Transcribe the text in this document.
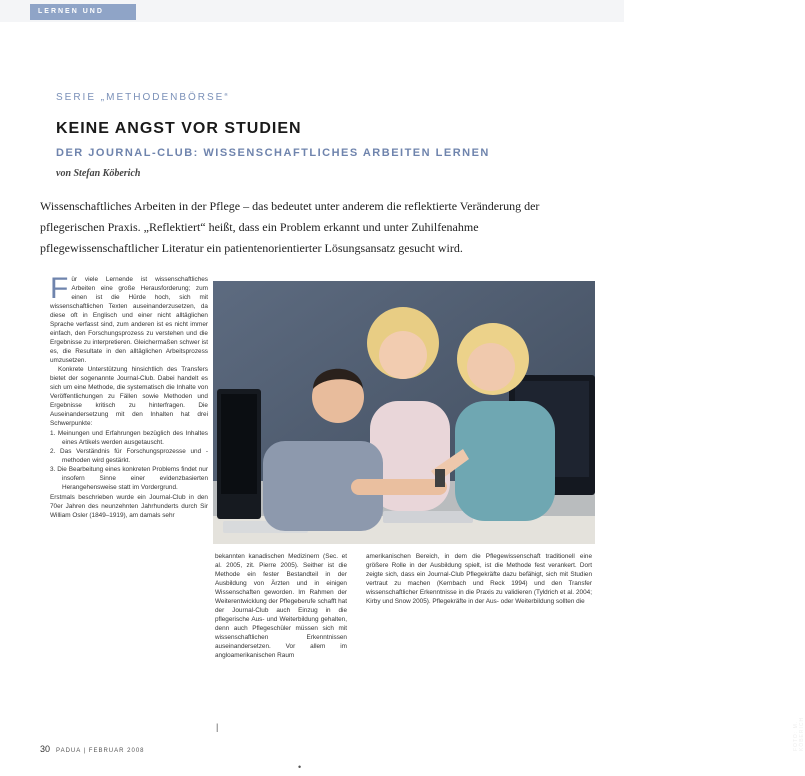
LERNEN UND LEHREN
SERIE „METHODENBÖRSE“
KEINE ANGST VOR STUDIEN
DER JOURNAL-CLUB: WISSENSCHAFTLICHES ARBEITEN LERNEN
von Stefan Köberich
Wissenschaftliches Arbeiten in der Pflege – das bedeutet unter anderem die reflektierte Veränderung der pflegerischen Praxis. „Reflektiert“ heißt, dass ein Problem erkannt und unter Zuhilfenahme pflegewissenschaftlicher Literatur ein patientenorientierter Lösungsansatz gesucht wird.

Für viele Lernende ist wissenschaftliches Arbeiten eine große Herausforderung; zum einen ist die Hürde hoch, sich mit wissenschaftlichen Texten auseinanderzusetzen, da diese oft in Englisch und einer nicht alltäglichen Sprache verfasst sind, zum anderen ist es nicht immer einfach, den Forschungsprozess zu verstehen und die Ergebnisse zu interpretieren. Gleichermaßen schwer ist es, die Resultate in den alltäglichen Arbeitsprozess umzusetzen.

Konkrete Unterstützung hinsichtlich des Transfers bietet der sogenannte Journal-Club. Dabei handelt es sich um eine Methode, die systematisch die Inhalte von Veröffentlichungen zu Fällen sowie Methoden und Ergebnisse kritisch zu hinterfragen. Die Auseinandersetzung mit den Inhalten hat drei Schwerpunkte:

1. Meinungen und Erfahrungen bezüglich des Inhaltes eines Artikels werden ausgetauscht.
2. Das Verständnis für Forschungsprozesse und -methoden wird gestärkt.
3. Die Bearbeitung eines konkreten Problems findet nur insofern Sinne einer evidenzbasierten Herangehensweise statt im Vordergrund.

Erstmals beschrieben wurde ein Journal-Club in den 70er Jahren des neunzehnten Jahrhunderts durch Sir William Osler (1849–1919), am damals sehr

FOTO: M. KÖBERICH
bekannten kanadischen Medizinern (Sec. et al. 2005, zit. Pierre 2005). Seither ist die Methode ein fester Bestandteil in der Ausbildung von Ärzten und in einigen Wissenschaften geworden. Im Rahmen der Weiterentwicklung der Pflegeberufe schafft hat der Journal-Club auch Einzug in die pflegerische Aus- und Weiterbildung gehalten, denn auch Pflegeschüler müssen sich mit wissenschaftlichen Erkenntnissen auseinandersetzen. Vor allem im angloamerikanischen Raum
amerikanischen Bereich, in dem die Pflegewissenschaft traditionell eine größere Rolle in der Ausbildung spielt, ist die Methode fest verankert. Dort zeigte sich, dass ein Journal-Club Pflegekräfte dazu befähigt, sich mit Studien vertraut zu machen (Kernbach und Reck 1994) und den Transfer wissenschaftlicher Erkenntnisse in die Praxis zu validieren (Tyldrich et al. 2004; Kirby und Snow 2005). Pflegekräfte in der Aus- oder Weiterbildung sollten die
|
•
30 PADUA | FEBRUAR 2008
